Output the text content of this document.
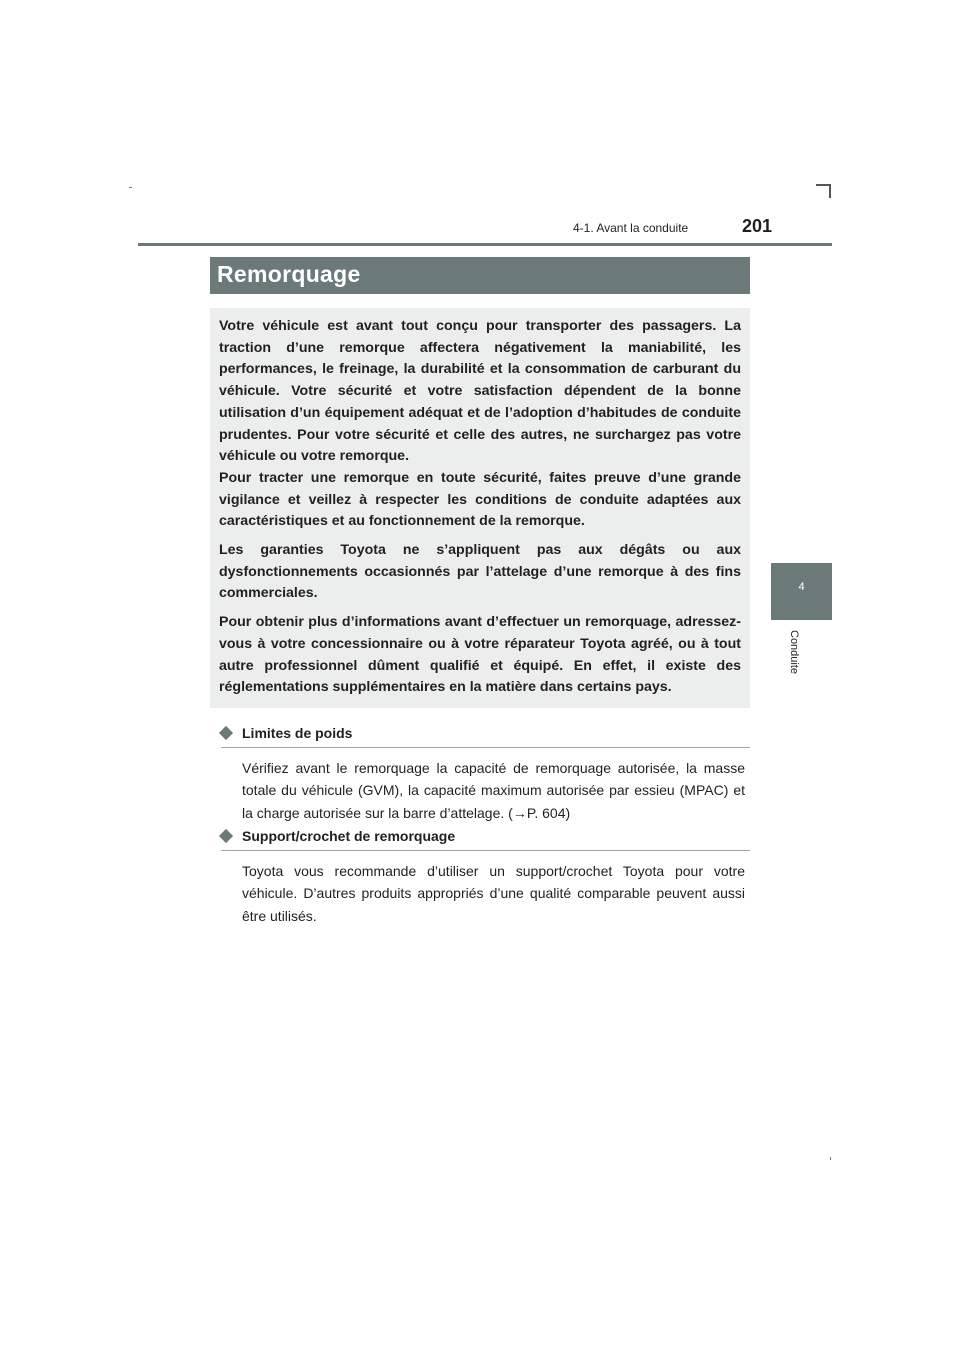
4-1. Avant la conduite	201
4
Conduite
Remorquage

Votre véhicule est avant tout conçu pour transporter des passagers. La traction d’une remorque affectera négativement la maniabilité, les performances, le freinage, la durabilité et la consommation de carburant du véhicule. Votre sécurité et votre satisfaction dépendent de la bonne utilisation d’un équipement adéquat et de l’adoption d’habitudes de conduite prudentes. Pour votre sécurité et celle des autres, ne surchargez pas votre véhicule ou votre remorque.

Pour tracter une remorque en toute sécurité, faites preuve d’une grande vigilance et veillez à respecter les conditions de conduite adaptées aux caractéristiques et au fonctionnement de la remorque.

Les garanties Toyota ne s’appliquent pas aux dégâts ou aux dysfonctionnements occasionnés par l’attelage d’une remorque à des fins commerciales.

Pour obtenir plus d’informations avant d’effectuer un remorquage, adressez-vous à votre concessionnaire ou à votre réparateur Toyota agréé, ou à tout autre professionnel dûment qualifié et équipé. En effet, il existe des réglementations supplémentaires en la matière dans certains pays.

Limites de poids
Vérifiez avant le remorquage la capacité de remorquage autorisée, la masse totale du véhicule (GVM), la capacité maximum autorisée par essieu (MPAC) et la charge autorisée sur la barre d’attelage. (→P. 604)
Support/crochet de remorquage
Toyota vous recommande d’utiliser un support/crochet Toyota pour votre véhicule. D’autres produits appropriés d’une qualité comparable peuvent aussi être utilisés.
